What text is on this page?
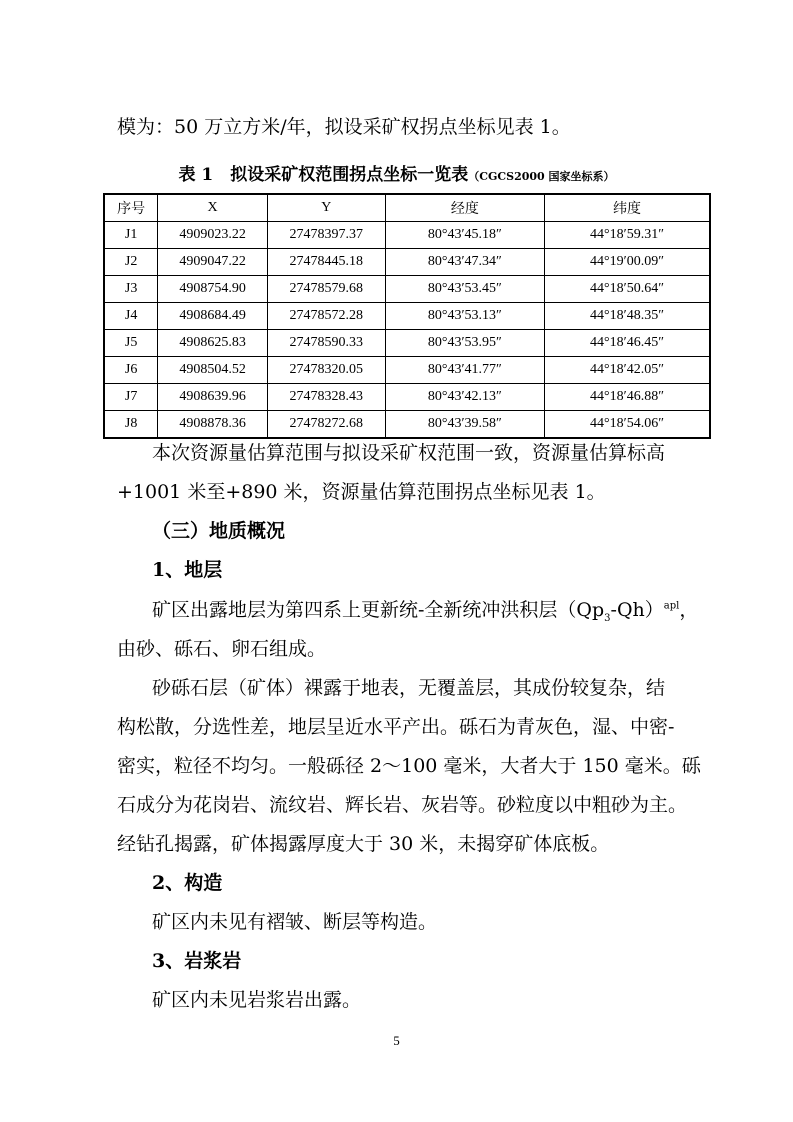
模为：50 万立方米/年，拟设采矿权拐点坐标见表 1。
表 1　拟设采矿权范围拐点坐标一览表（CGCS2000 国家坐标系）
序号	X	Y	经度	纬度
J1	4909023.22	27478397.37	80°43′45.18″	44°18′59.31″
J2	4909047.22	27478445.18	80°43′47.34″	44°19′00.09″
J3	4908754.90	27478579.68	80°43′53.45″	44°18′50.64″
J4	4908684.49	27478572.28	80°43′53.13″	44°18′48.35″
J5	4908625.83	27478590.33	80°43′53.95″	44°18′46.45″
J6	4908504.52	27478320.05	80°43′41.77″	44°18′42.05″
J7	4908639.96	27478328.43	80°43′42.13″	44°18′46.88″
J8	4908878.36	27478272.68	80°43′39.58″	44°18′54.06″
本次资源量估算范围与拟设采矿权范围一致，资源量估算标高
+1001 米至+890 米，资源量估算范围拐点坐标见表 1。
（三）地质概况
1、地层
矿区出露地层为第四系上更新统-全新统冲洪积层$(Qp_3-Qh)^{apl}$，
由砂、砾石、卵石组成。
砂砾石层（矿体）裸露于地表，无覆盖层，其成份较复杂，结
构松散，分选性差，地层呈近水平产出。砾石为青灰色，湿、中密-
密实，粒径不均匀。一般砾径 2～100 毫米，大者大于 150 毫米。砾
石成分为花岗岩、流纹岩、辉长岩、灰岩等。砂粒度以中粗砂为主。
经钻孔揭露，矿体揭露厚度大于 30 米，未揭穿矿体底板。
2、构造
矿区内未见有褶皱、断层等构造。
3、岩浆岩
矿区内未见岩浆岩出露。
5
